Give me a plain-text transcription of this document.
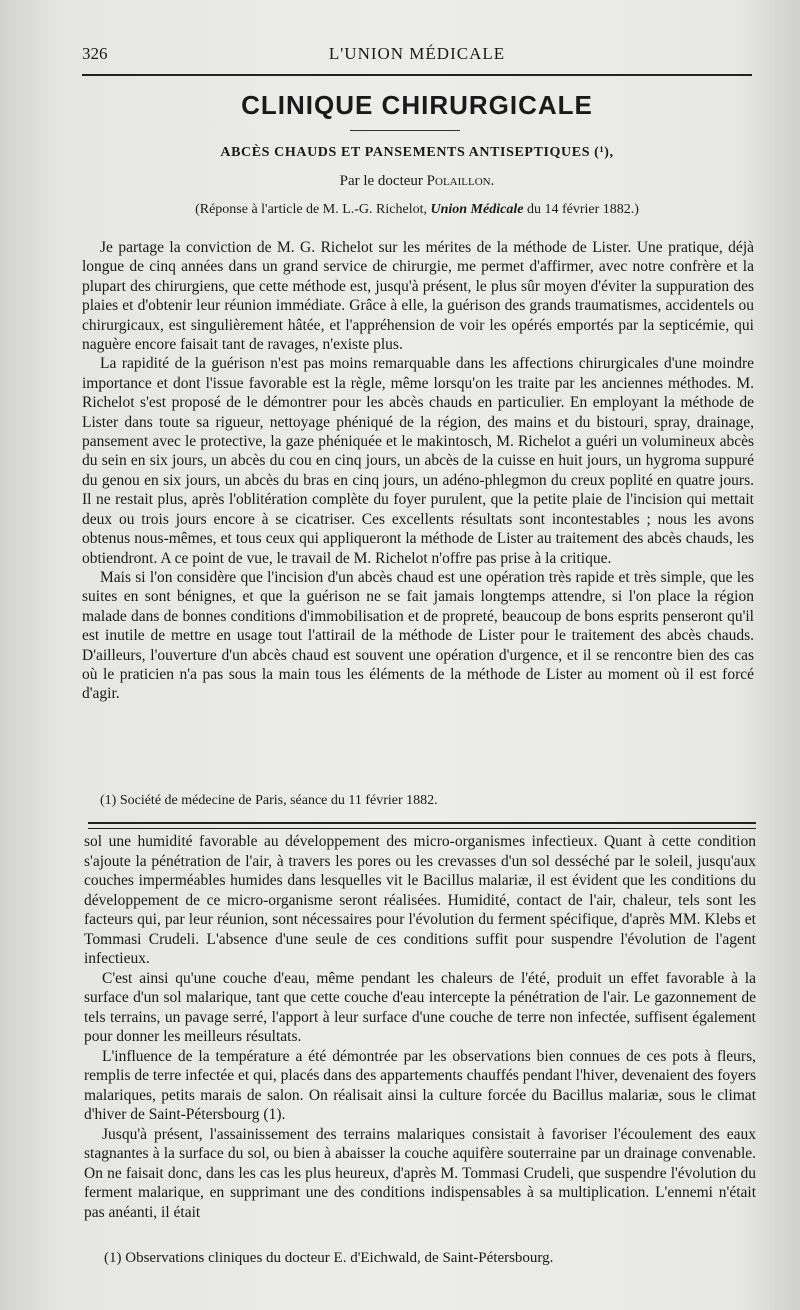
326	L'UNION MÉDICALE
CLINIQUE CHIRURGICALE
ABCÈS CHAUDS ET PANSEMENTS ANTISEPTIQUES (¹),
Par le docteur Polaillon.
(Réponse à l'article de M. L.-G. Richelot, Union Médicale du 14 février 1882.)

Je partage la conviction de M. G. Richelot sur les mérites de la méthode de Lister. Une pratique, déjà longue de cinq années dans un grand service de chirurgie, me permet d'affirmer, avec notre confrère et la plupart des chirurgiens, que cette méthode est, jusqu'à présent, le plus sûr moyen d'éviter la suppuration des plaies et d'obtenir leur réunion immédiate. Grâce à elle, la guérison des grands traumatismes, accidentels ou chirurgicaux, est singulièrement hâtée, et l'appréhension de voir les opérés emportés par la septicémie, qui naguère encore faisait tant de ravages, n'existe plus.

La rapidité de la guérison n'est pas moins remarquable dans les affections chirurgicales d'une moindre importance et dont l'issue favorable est la règle, même lorsqu'on les traite par les anciennes méthodes. M. Richelot s'est proposé de le démontrer pour les abcès chauds en particulier. En employant la méthode de Lister dans toute sa rigueur, nettoyage phéniqué de la région, des mains et du bistouri, spray, drainage, pansement avec le protective, la gaze phéniquée et le makintosch, M. Richelot a guéri un volumineux abcès du sein en six jours, un abcès du cou en cinq jours, un abcès de la cuisse en huit jours, un hygroma suppuré du genou en six jours, un abcès du bras en cinq jours, un adéno-phlegmon du creux poplité en quatre jours. Il ne restait plus, après l'oblitération complète du foyer purulent, que la petite plaie de l'incision qui mettait deux ou trois jours encore à se cicatriser. Ces excellents résultats sont incontestables ; nous les avons obtenus nous-mêmes, et tous ceux qui appliqueront la méthode de Lister au traitement des abcès chauds, les obtiendront. A ce point de vue, le travail de M. Richelot n'offre pas prise à la critique.

Mais si l'on considère que l'incision d'un abcès chaud est une opération très rapide et très simple, que les suites en sont bénignes, et que la guérison ne se fait jamais longtemps attendre, si l'on place la région malade dans de bonnes conditions d'immobilisation et de propreté, beaucoup de bons esprits penseront qu'il est inutile de mettre en usage tout l'attirail de la méthode de Lister pour le traitement des abcès chauds. D'ailleurs, l'ouverture d'un abcès chaud est souvent une opération d'urgence, et il se rencontre bien des cas où le praticien n'a pas sous la main tous les éléments de la méthode de Lister au moment où il est forcé d'agir.

(1) Société de médecine de Paris, séance du 11 février 1882.

sol une humidité favorable au développement des micro-organismes infectieux. Quant à cette condition s'ajoute la pénétration de l'air, à travers les pores ou les crevasses d'un sol desséché par le soleil, jusqu'aux couches imperméables humides dans lesquelles vit le Bacillus malariæ, il est évident que les conditions du développement de ce micro-organisme seront réalisées. Humidité, contact de l'air, chaleur, tels sont les facteurs qui, par leur réunion, sont nécessaires pour l'évolution du ferment spécifique, d'après MM. Klebs et Tommasi Crudeli. L'absence d'une seule de ces conditions suffit pour suspendre l'évolution de l'agent infectieux.

C'est ainsi qu'une couche d'eau, même pendant les chaleurs de l'été, produit un effet favorable à la surface d'un sol malarique, tant que cette couche d'eau intercepte la pénétration de l'air. Le gazonnement de tels terrains, un pavage serré, l'apport à leur surface d'une couche de terre non infectée, suffisent également pour donner les meilleurs résultats.

L'influence de la température a été démontrée par les observations bien connues de ces pots à fleurs, remplis de terre infectée et qui, placés dans des appartements chauffés pendant l'hiver, devenaient des foyers malariques, petits marais de salon. On réalisait ainsi la culture forcée du Bacillus malariæ, sous le climat d'hiver de Saint-Pétersbourg (1).

Jusqu'à présent, l'assainissement des terrains malariques consistait à favoriser l'écoulement des eaux stagnantes à la surface du sol, ou bien à abaisser la couche aquifère souterraine par un drainage convenable. On ne faisait donc, dans les cas les plus heureux, d'après M. Tommasi Crudeli, que suspendre l'évolution du ferment malarique, en supprimant une des conditions indispensables à sa multiplication. L'ennemi n'était pas anéanti, il était

(1) Observations cliniques du docteur E. d'Eichwald, de Saint-Pétersbourg.
